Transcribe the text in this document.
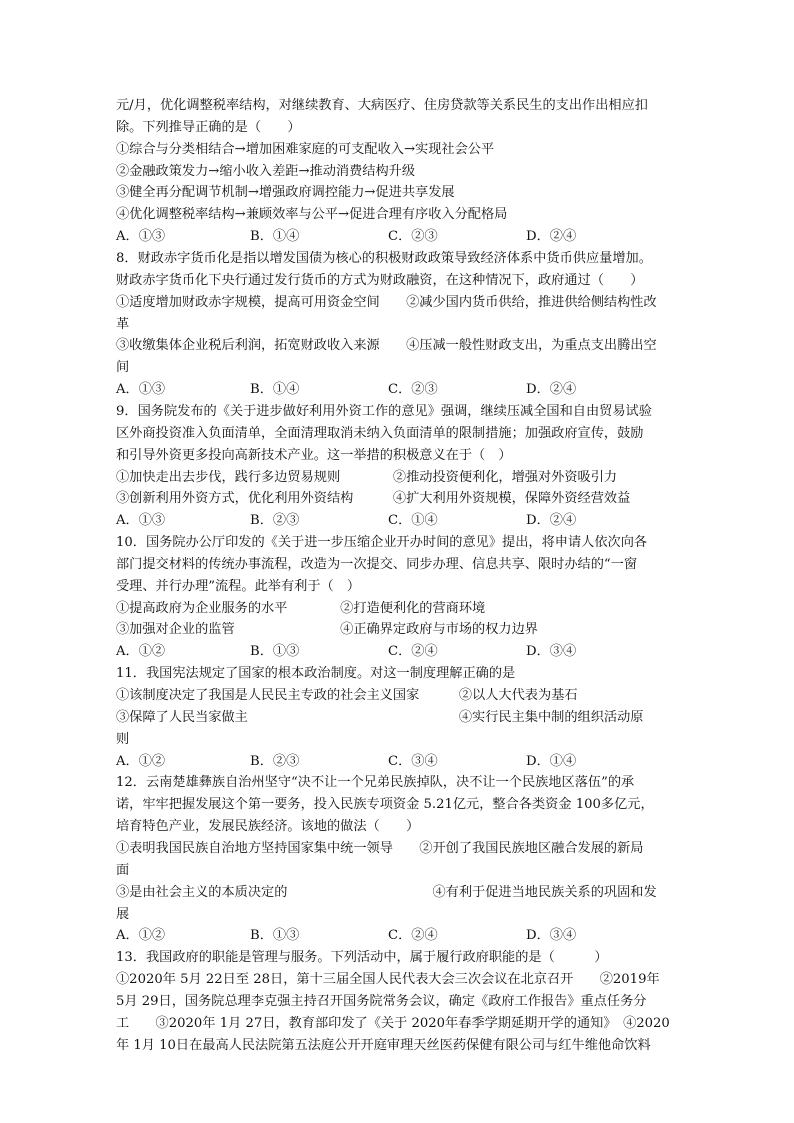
元/月，优化调整税率结构，对继续教育、大病医疗、住房贷款等关系民生的支出作出相应扣
除。下列推导正确的是（　　）
①综合与分类相结合→增加困难家庭的可支配收入→实现社会公平
②金融政策发力→缩小收入差距→推动消费结构升级
③健全再分配调节机制→增强政府调控能力→促进共享发展
④优化调整税率结构→兼顾效率与公平→促进合理有序收入分配格局
A．①③	B．①④	C．②③	D．②④
8．财政赤字货币化是指以增发国债为核心的积极财政政策导致经济体系中货币供应量增加。
财政赤字货币化下央行通过发行货币的方式为财政融资，在这种情况下，政府通过（　　）
①适度增加财政赤字规模，提高可用资金空间　　②减少国内货币供给，推进供给侧结构性改
革
③收缴集体企业税后利润，拓宽财政收入来源　　④压减一般性财政支出，为重点支出腾出空
间
A．①③	B．①④	C．②③	D．②④
9．国务院发布的《关于进步做好利用外资工作的意见》强调，继续压减全国和自由贸易试验
区外商投资准入负面清单，全面清理取消未纳入负面清单的限制措施；加强政府宣传，鼓励
和引导外资更多投向高新技术产业。这一举措的积极意义在于（　）
①加快走出去步伐，践行多边贸易规则　　　　②推动投资便利化，增强对外资吸引力
③创新利用外资方式，优化利用外资结构　　　④扩大利用外资规模，保障外资经营效益
A．①③	B．②③	C．①④	D．②④
10．国务院办公厅印发的《关于进一步压缩企业开办时间的意见》提出，将申请人依次向各
部门提交材料的传统办事流程，改造为一次提交、同步办理、信息共享、限时办结的“一窗
受理、并行办理”流程。此举有利于（　）
①提高政府为企业服务的水平　　　　②打造便利化的营商环境
③加强对企业的监管　　　　　　　　④正确界定政府与市场的权力边界
A．①②	B．①③	C．②④	D．③④
11．我国宪法规定了国家的根本政治制度。对这一制度理解正确的是
①该制度决定了我国是人民民主专政的社会主义国家　　　②以人大代表为基石
③保障了人民当家做主　　　　　　　　　　　　　　　　④实行民主集中制的组织活动原
则
A．①②	B．②③	C．③④	D．①④
12．云南楚雄彝族自治州坚守“决不让一个兄弟民族掉队，决不让一个民族地区落伍”的承
诺，牢牢把握发展这个第一要务，投入民族专项资金 5.21亿元，整合各类资金 100多亿元，
培育特色产业，发展民族经济。该地的做法（　　）
①表明我国民族自治地方坚持国家集中统一领导　　②开创了我国民族地区融合发展的新局
面
③是由社会主义的本质决定的　　　　　　　　　　　④有利于促进当地民族关系的巩固和发
展
A．①②	B．①③	C．②④	D．③④
13．我国政府的职能是管理与服务。下列活动中，属于履行政府职能的是（　　　）
①2020年 5月 22日至 28日，第十三届全国人民代表大会三次会议在北京召开　　②2019年
5月 29日，国务院总理李克强主持召开国务院常务会议，确定《政府工作报告》重点任务分
工　　③2020年 1月 27日，教育部印发了《关于 2020年春季学期延期开学的通知》　④2020
年 1月 10日在最高人民法院第五法庭公开开庭审理天丝医药保健有限公司与红牛维他命饮料
